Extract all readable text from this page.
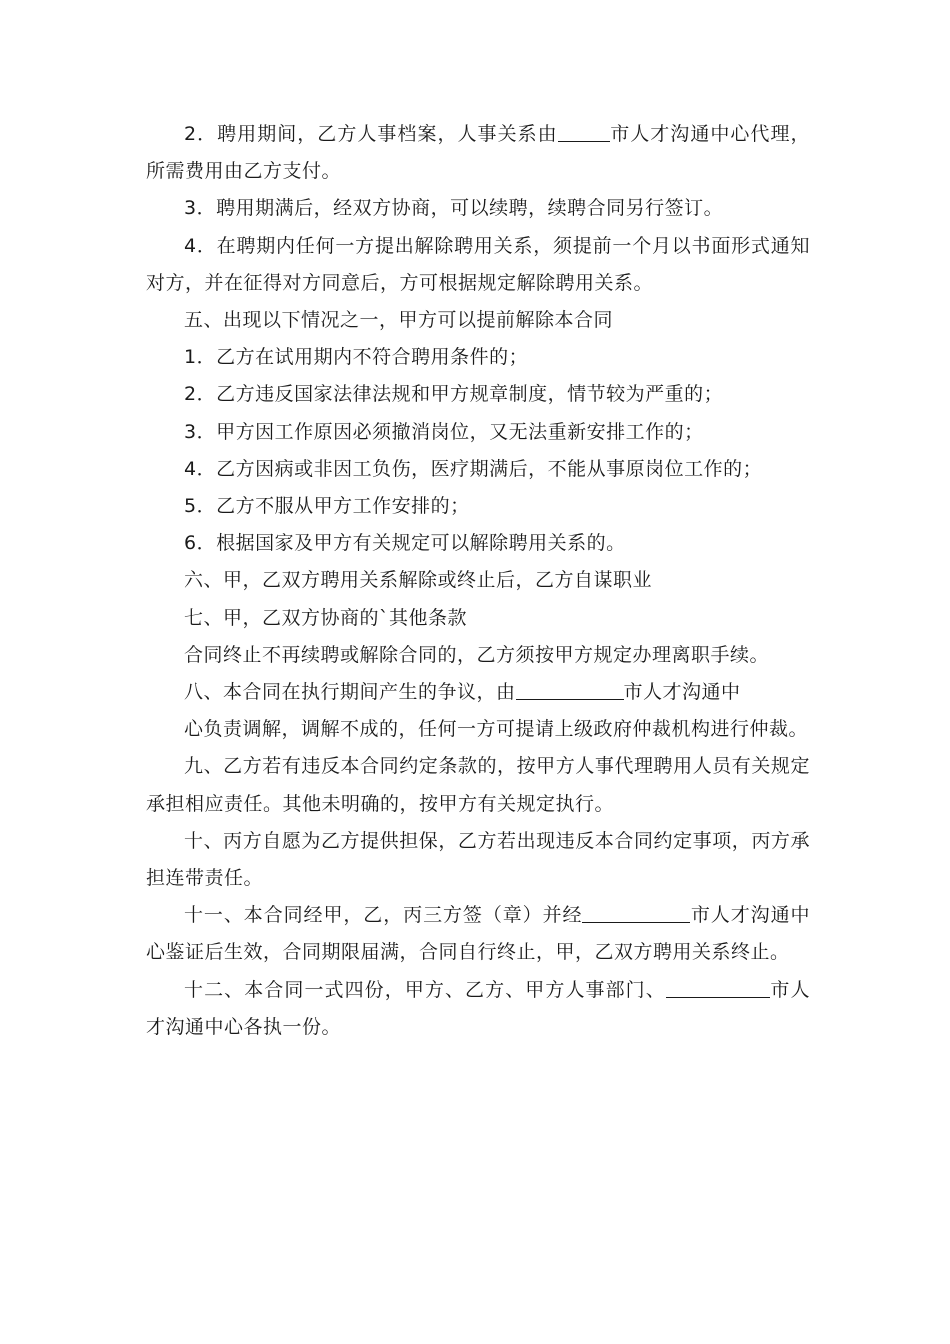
2．聘用期间，乙方人事档案，人事关系由	市人才沟通中心代理，所需费用由乙方支付。

3．聘用期满后，经双方协商，可以续聘，续聘合同另行签订。

4．在聘期内任何一方提出解除聘用关系，须提前一个月以书面形式通知对方，并在征得对方同意后，方可根据规定解除聘用关系。

五、出现以下情况之一，甲方可以提前解除本合同

1．乙方在试用期内不符合聘用条件的；

2．乙方违反国家法律法规和甲方规章制度，情节较为严重的；

3．甲方因工作原因必须撤消岗位，又无法重新安排工作的；

4．乙方因病或非因工负伤，医疗期满后，不能从事原岗位工作的；

5．乙方不服从甲方工作安排的；

6．根据国家及甲方有关规定可以解除聘用关系的。

六、甲，乙双方聘用关系解除或终止后，乙方自谋职业

七、甲，乙双方协商的`其他条款

合同终止不再续聘或解除合同的，乙方须按甲方规定办理离职手续。

八、本合同在执行期间产生的争议，由	市人才沟通中

心负责调解，调解不成的，任何一方可提请上级政府仲裁机构进行仲裁。

九、乙方若有违反本合同约定条款的，按甲方人事代理聘用人员有关规定承担相应责任。其他未明确的，按甲方有关规定执行。

十、丙方自愿为乙方提供担保，乙方若出现违反本合同约定事项，丙方承担连带责任。

十一、本合同经甲，乙，丙三方签（章）并经	市人才沟通中心鉴证后生效，合同期限届满，合同自行终止，甲，乙双方聘用关系终止。

十二、本合同一式四份，甲方、乙方、甲方人事部门、	市人才沟通中心各执一份。
